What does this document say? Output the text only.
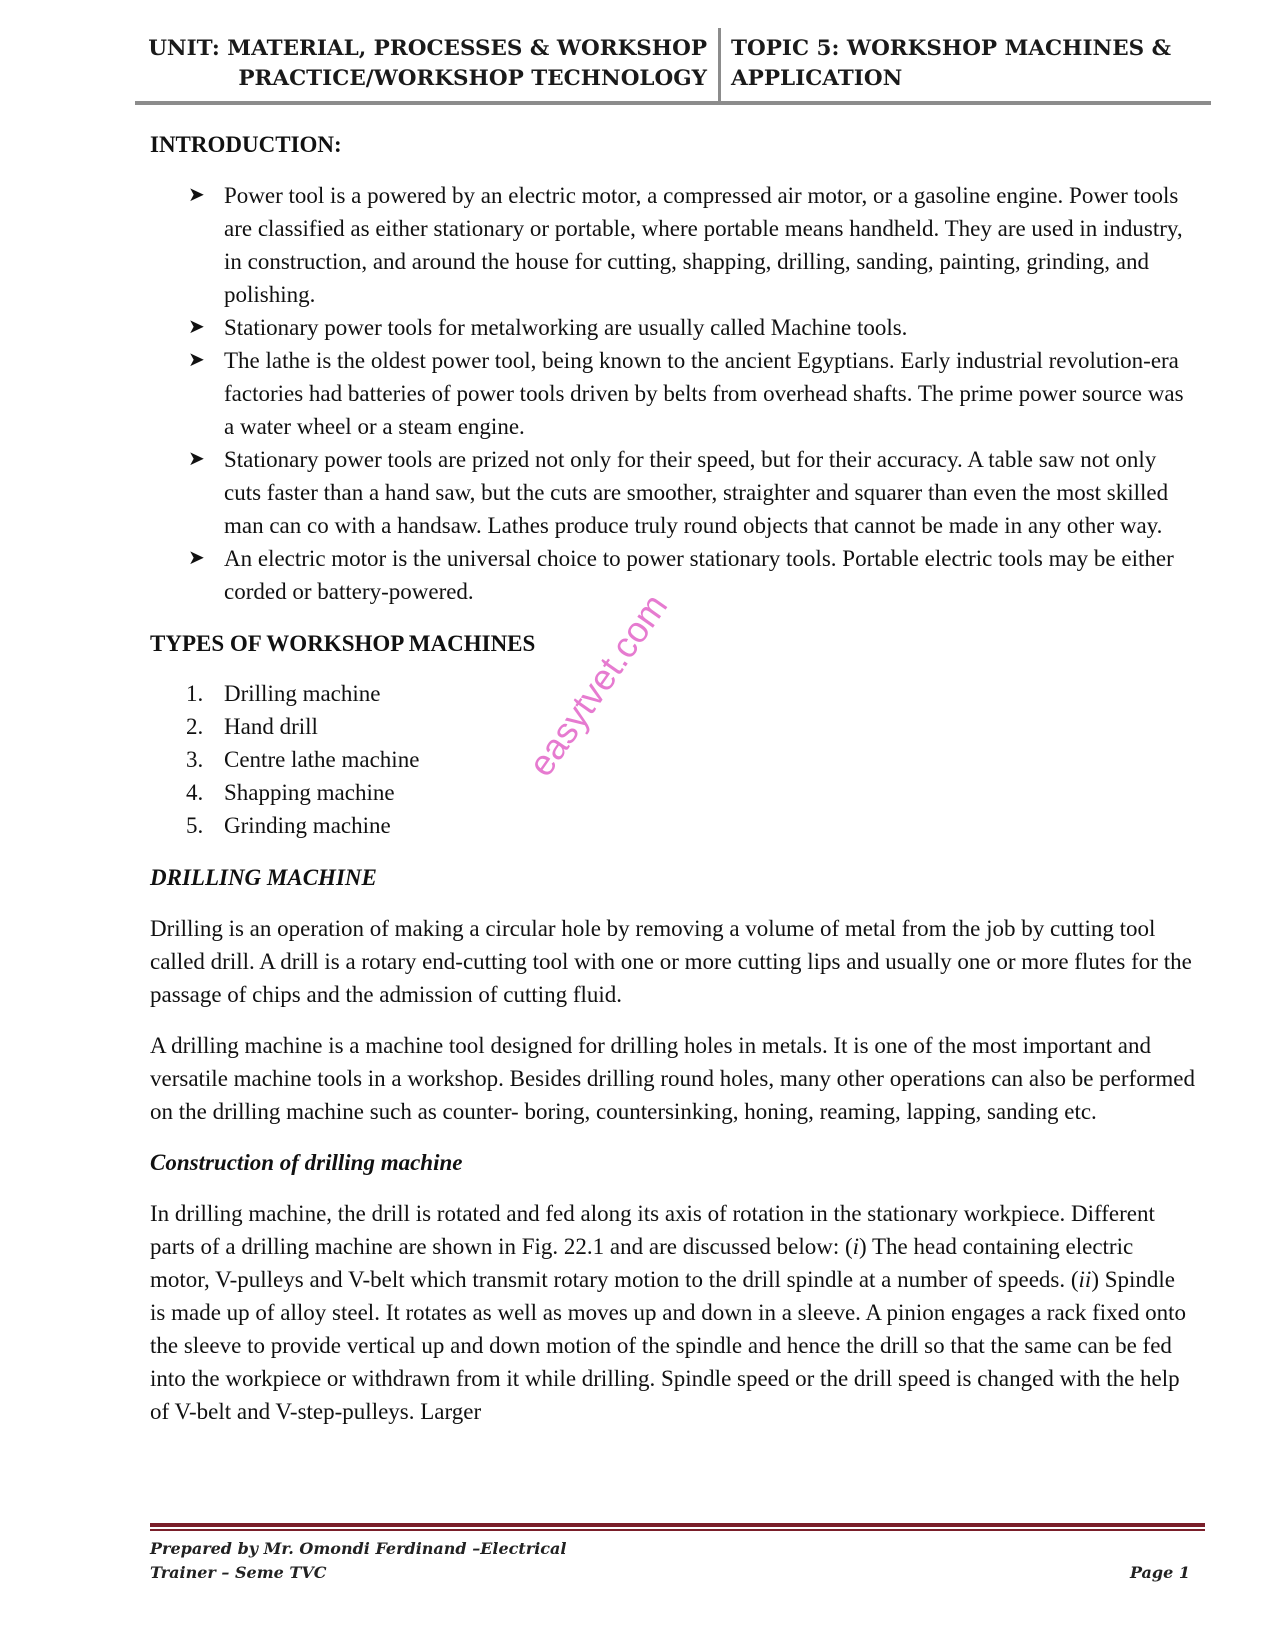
UNIT: MATERIAL, PROCESSES & WORKSHOP
PRACTICE/WORKSHOP TECHNOLOGY
TOPIC 5: WORKSHOP MACHINES &
APPLICATION

INTRODUCTION:

➤ Power tool is a powered by an electric motor, a compressed air motor, or a gasoline engine. Power tools are classified as either stationary or portable, where portable means handheld. They are used in industry, in construction, and around the house for cutting, shapping, drilling, sanding, painting, grinding, and polishing.
➤ Stationary power tools for metalworking are usually called Machine tools.
➤ The lathe is the oldest power tool, being known to the ancient Egyptians. Early industrial revolution-era factories had batteries of power tools driven by belts from overhead shafts. The prime power source was a water wheel or a steam engine.
➤ Stationary power tools are prized not only for their speed, but for their accuracy. A table saw not only cuts faster than a hand saw, but the cuts are smoother, straighter and squarer than even the most skilled man can co with a handsaw. Lathes produce truly round objects that cannot be made in any other way.
➤ An electric motor is the universal choice to power stationary tools. Portable electric tools may be either corded or battery-powered.

TYPES OF WORKSHOP MACHINES

1. Drilling machine
2. Hand drill
3. Centre lathe machine
4. Shapping machine
5. Grinding machine

DRILLING MACHINE

Drilling is an operation of making a circular hole by removing a volume of metal from the job by cutting tool called drill. A drill is a rotary end-cutting tool with one or more cutting lips and usually one or more flutes for the passage of chips and the admission of cutting fluid.

A drilling machine is a machine tool designed for drilling holes in metals. It is one of the most important and versatile machine tools in a workshop. Besides drilling round holes, many other operations can also be performed on the drilling machine such as counter- boring, countersinking, honing, reaming, lapping, sanding etc.

Construction of drilling machine

In drilling machine, the drill is rotated and fed along its axis of rotation in the stationary workpiece. Different parts of a drilling machine are shown in Fig. 22.1 and are discussed below: (i) The head containing electric motor, V-pulleys and V-belt which transmit rotary motion to the drill spindle at a number of speeds. (ii) Spindle is made up of alloy steel. It rotates as well as moves up and down in a sleeve. A pinion engages a rack fixed onto the sleeve to provide vertical up and down motion of the spindle and hence the drill so that the same can be fed into the workpiece or withdrawn from it while drilling. Spindle speed or the drill speed is changed with the help of V-belt and V-step-pulleys. Larger

easytvet.com
Prepared by Mr. Omondi Ferdinand –Electrical
Trainer – Seme TVC	Page 1
